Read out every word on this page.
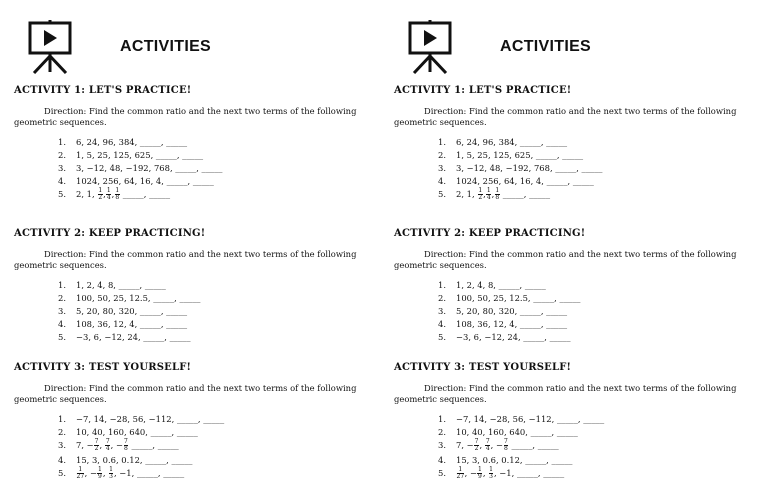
ACTIVITIES
ACTIVITY 1: LET'S PRACTICE!
Direction: Find the common ratio and the next two terms of the following
geometric sequences.
1. 6, 24, 96, 384, _____, _____
2. 1, 5, 25, 125, 625, _____, _____
3. 3, −12, 48, −192, 768, _____, _____
4. 1024, 256, 64, 16, 4, _____, _____
5. 2, 1, $\frac{1}{2}$ , $\frac{1}{4}$ , $\frac{1}{8}$ _____, _____
ACTIVITY 2: KEEP PRACTICING!
Direction: Find the common ratio and the next two terms of the following
geometric sequences.
1. 1, 2, 4, 8, _____, _____
2. 100, 50, 25, 12.5, _____, _____
3. 5, 20, 80, 320, _____, _____
4. 108, 36, 12, 4, _____, _____
5. −3, 6, −12, 24, _____, _____
ACTIVITY 3: TEST YOURSELF!
Direction: Find the common ratio and the next two terms of the following
geometric sequences.
1. −7, 14, −28, 56, −112, _____, _____
2. 10, 40, 160, 640, _____, _____
3. 7, − $\frac{7}{2}$ , $\frac{7}{4}$ , − $\frac{7}{8}$ _____, _____
4. 15, 3, 0.6, 0.12, _____, _____
5. $\frac{1}{27}$ , − $\frac{1}{9}$ , $\frac{1}{3}$ , −1, _____, _____
ACTIVITIES
ACTIVITY 1: LET'S PRACTICE!
Direction: Find the common ratio and the next two terms of the following
geometric sequences.
1. 6, 24, 96, 384, _____, _____
2. 1, 5, 25, 125, 625, _____, _____
3. 3, −12, 48, −192, 768, _____, _____
4. 1024, 256, 64, 16, 4, _____, _____
5. 2, 1, $\frac{1}{2}$ , $\frac{1}{4}$ , $\frac{1}{8}$ _____, _____
ACTIVITY 2: KEEP PRACTICING!
Direction: Find the common ratio and the next two terms of the following
geometric sequences.
1. 1, 2, 4, 8, _____, _____
2. 100, 50, 25, 12.5, _____, _____
3. 5, 20, 80, 320, _____, _____
4. 108, 36, 12, 4, _____, _____
5. −3, 6, −12, 24, _____, _____
ACTIVITY 3: TEST YOURSELF!
Direction: Find the common ratio and the next two terms of the following
geometric sequences.
1. −7, 14, −28, 56, −112, _____, _____
2. 10, 40, 160, 640, _____, _____
3. 7, − $\frac{7}{2}$ , $\frac{7}{4}$ , − $\frac{7}{8}$ _____, _____
4. 15, 3, 0.6, 0.12, _____, _____
5. $\frac{1}{27}$ , − $\frac{1}{9}$ , $\frac{1}{3}$ , −1, _____, _____
